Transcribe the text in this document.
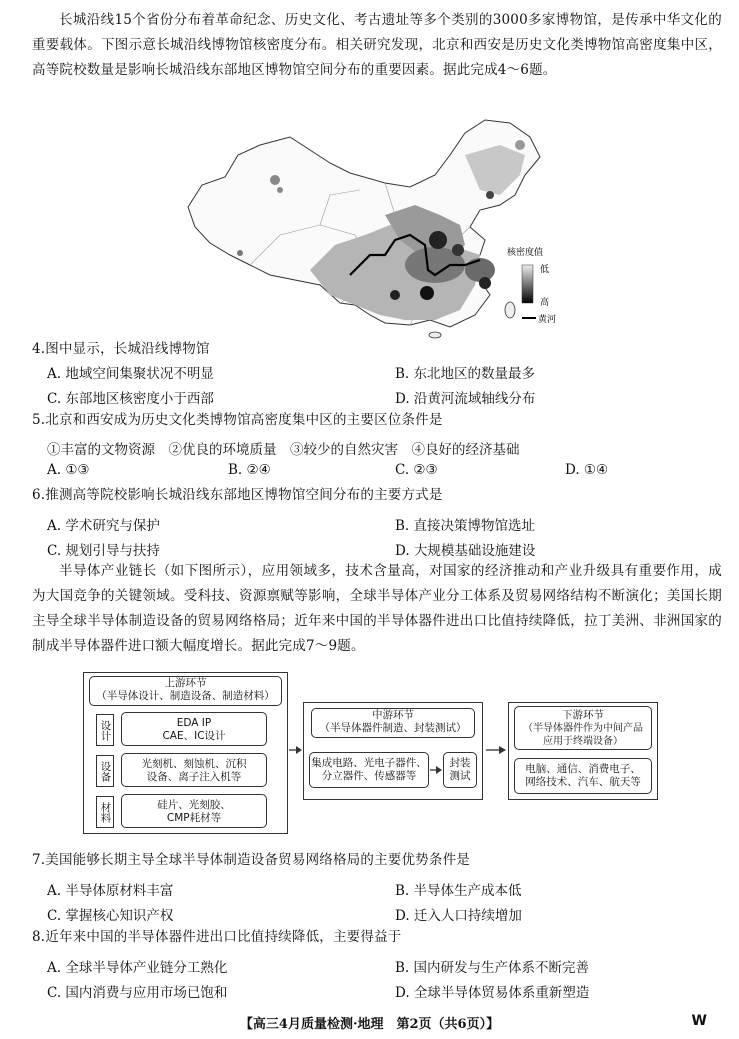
长城沿线15个省份分布着革命纪念、历史文化、考古遗址等多个类别的3000多家博物馆，是传承中华文化的重要载体。下图示意长城沿线博物馆核密度分布。相关研究发现，北京和西安是历史文化类博物馆高密度集中区，高等院校数量是影响长城沿线东部地区博物馆空间分布的重要因素。据此完成4～6题。
核密度值
低
高
黄河
4.图中显示，长城沿线博物馆
A. 地域空间集聚状况不明显	B. 东北地区的数量最多
C. 东部地区核密度小于西部	D. 沿黄河流域轴线分布
5.北京和西安成为历史文化类博物馆高密度集中区的主要区位条件是
①丰富的文物资源　②优良的环境质量　③较少的自然灾害　④良好的经济基础
A. ①③	B. ②④	C. ②③	D. ①④
6.推测高等院校影响长城沿线东部地区博物馆空间分布的主要方式是
A. 学术研究与保护	B. 直接决策博物馆选址
C. 规划引导与扶持	D. 大规模基础设施建设
半导体产业链长（如下图所示），应用领域多，技术含量高，对国家的经济推动和产业升级具有重要作用，成为大国竞争的关键领域。受科技、资源禀赋等影响，全球半导体产业分工体系及贸易网络结构不断演化；美国长期主导全球半导体制造设备的贸易网络格局；近年来中国的半导体器件进出口比值持续降低，拉丁美洲、非洲国家的制成半导体器件进口额大幅度增长。据此完成7～9题。
上游环节
（半导体设计、制造设备、制造材料）
设计	EDA IP
CAE、IC设计
设备	光刻机、刻蚀机、沉积
设备、离子注入机等
材料	硅片、光刻胶、
CMP耗材等
中游环节
（半导体器件制造、封装测试）
集成电路、光电子器件、
分立器件、传感器等
封装
测试
下游环节
（半导体器件作为中间产品
应用于终端设备）
电脑、通信、消费电子、
网络技术、汽车、航天等
7.美国能够长期主导全球半导体制造设备贸易网络格局的主要优势条件是
A. 半导体原材料丰富	B. 半导体生产成本低
C. 掌握核心知识产权	D. 迁入人口持续增加
8.近年来中国的半导体器件进出口比值持续降低，主要得益于
A. 全球半导体产业链分工熟化	B. 国内研发与生产体系不断完善
C. 国内消费与应用市场已饱和	D. 全球半导体贸易体系重新塑造
【高三4月质量检测·地理　第2页（共6页）】	W
